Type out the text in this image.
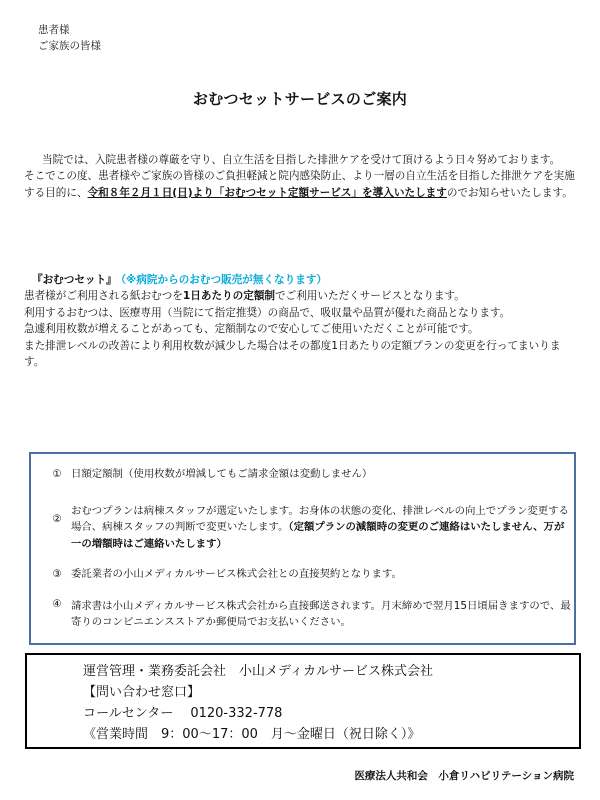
患者様
ご家族の皆様
おむつセットサービスのご案内

当院では、入院患者様の尊厳を守り、自立生活を目指した排泄ケアを受けて頂けるよう日々努めております。

そこでこの度、患者様やご家族の皆様のご負担軽減と院内感染防止、より一層の自立生活を目指した排泄ケアを実施する目的に、令和８年２月１日(日)より「おむつセット定額サービス」を導入いたしますのでお知らせいたします。

『おむつセット』 （※病院からのおむつ販売が無くなります）

患者様がご利用される紙おむつを1日あたりの定額制でご利用いただくサービスとなります。

利用するおむつは、医療専用（当院にて指定推奨）の商品で、吸収量や品質が優れた商品となります。

急遽利用枚数が増えることがあっても、定額制なので安心してご使用いただくことが可能です。

また排泄レベルの改善により利用枚数が減少した場合はその都度1日あたりの定額プランの変更を行ってまいります。

① 日額定額制（使用枚数が増減してもご請求金額は変動しません）
②
おむつプランは病棟スタッフが選定いたします。お身体の状態の変化、排泄レベルの向上でプラン変更する場合、病棟スタッフの判断で変更いたします。（定額プランの減額時の変更のご連絡はいたしません、万が一の増額時はご連絡いたします）
③ 委託業者の小山メディカルサービス株式会社との直接契約となります。
④ 請求書は小山メディカルサービス株式会社から直接郵送されます。月末締めで翌月15日頃届きますので、最寄りのコンビニエンスストアか郵便局でお支払いください。
運営管理・業務委託会社　小山メディカルサービス株式会社
【問い合わせ窓口】
コールセンター　 0120-332-778
《営業時間　9：00～17：00　月～金曜日（祝日除く）》
医療法人共和会　小倉リハビリテーション病院
